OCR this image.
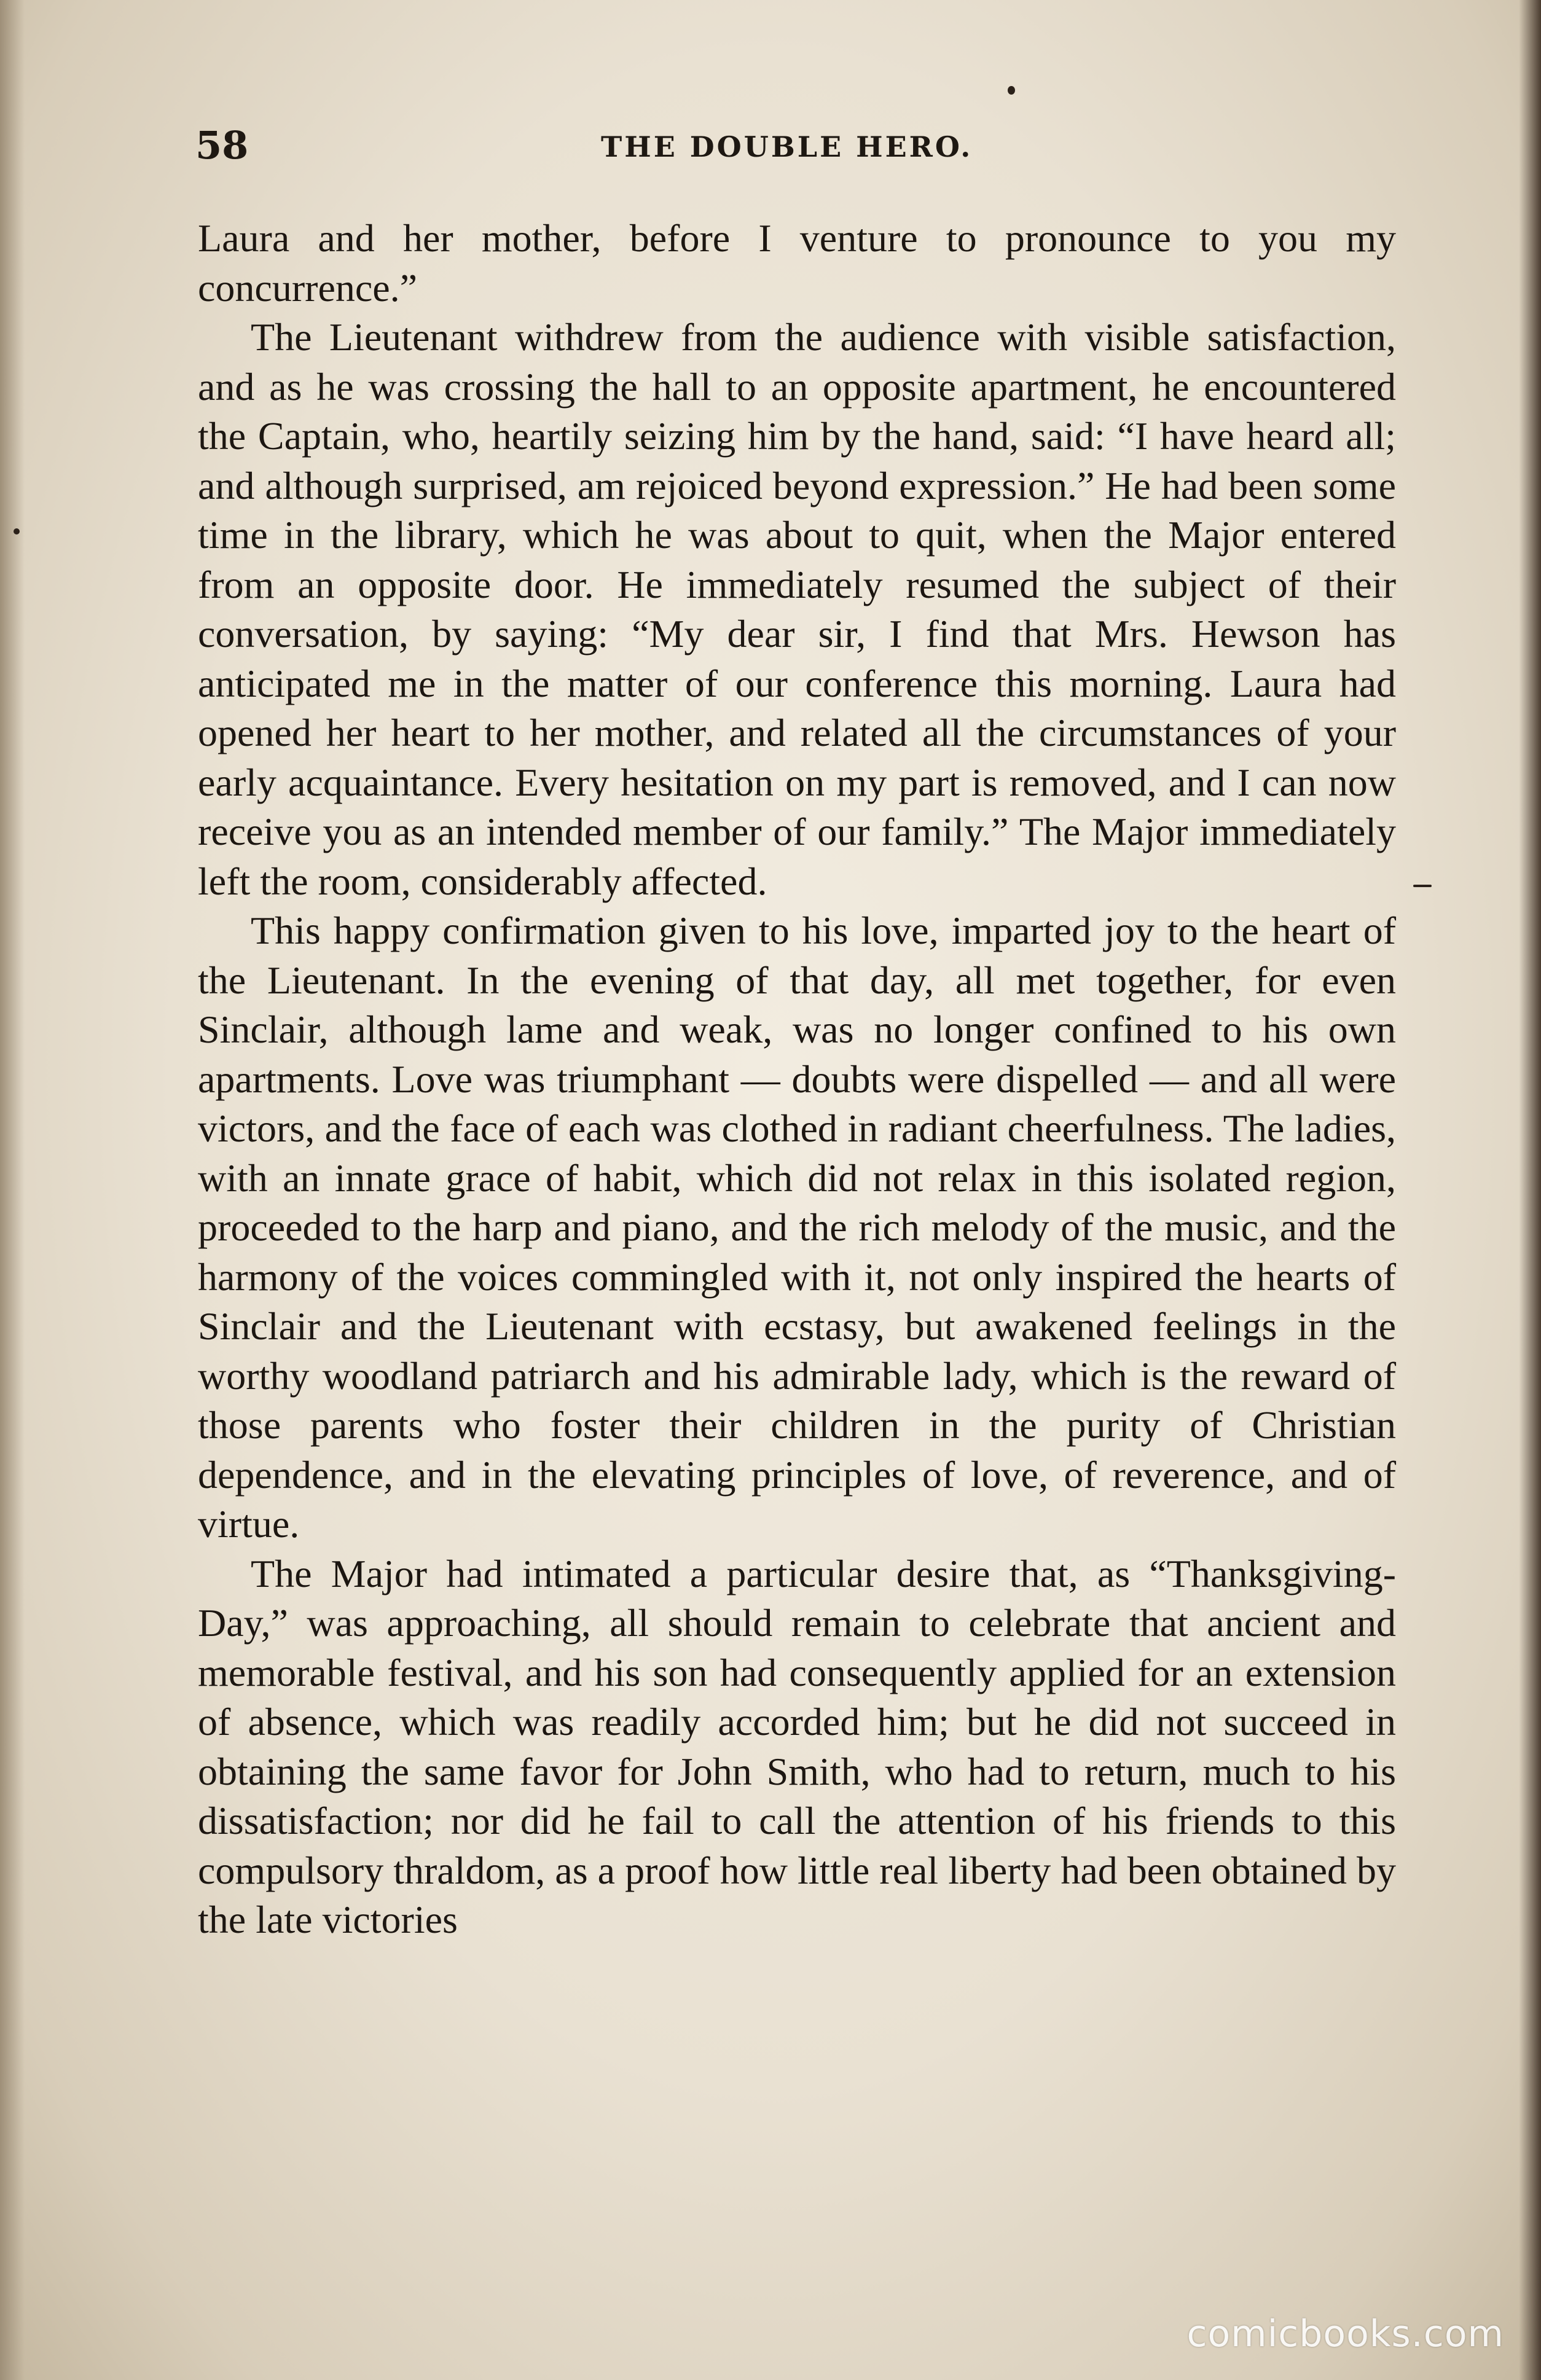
58	THE DOUBLE HERO.

Laura and her mother, before I venture to pronounce to you my concurrence.”

The Lieutenant withdrew from the audience with visible satisfaction, and as he was crossing the hall to an opposite apartment, he encountered the Captain, who, heartily seizing him by the hand, said: “I have heard all; and although surprised, am rejoiced beyond expression.” He had been some time in the library, which he was about to quit, when the Major entered from an opposite door. He immediately resumed the subject of their conversation, by saying: “My dear sir, I find that Mrs. Hewson has anticipated me in the matter of our conference this morning. Laura had opened her heart to her mother, and related all the circumstances of your early acquaintance. Every hesitation on my part is removed, and I can now receive you as an intended member of our family.” The Major immediately left the room, considerably affected.

This happy confirmation given to his love, imparted joy to the heart of the Lieutenant. In the evening of that day, all met together, for even Sinclair, although lame and weak, was no longer confined to his own apartments. Love was triumphant — doubts were dispelled — and all were victors, and the face of each was clothed in radiant cheerfulness. The ladies, with an innate grace of habit, which did not relax in this isolated region, proceeded to the harp and piano, and the rich melody of the music, and the harmony of the voices commingled with it, not only inspired the hearts of Sinclair and the Lieutenant with ecstasy, but awakened feelings in the worthy woodland patriarch and his admirable lady, which is the reward of those parents who foster their children in the purity of Christian dependence, and in the elevating principles of love, of reverence, and of virtue.

The Major had intimated a particular desire that, as “Thanksgiving-Day,” was approaching, all should remain to celebrate that ancient and memorable festival, and his son had consequently applied for an extension of absence, which was readily accorded him; but he did not succeed in obtaining the same favor for John Smith, who had to return, much to his dissatisfaction; nor did he fail to call the attention of his friends to this compulsory thraldom, as a proof how little real liberty had been obtained by the late victories

comicbooks.com
